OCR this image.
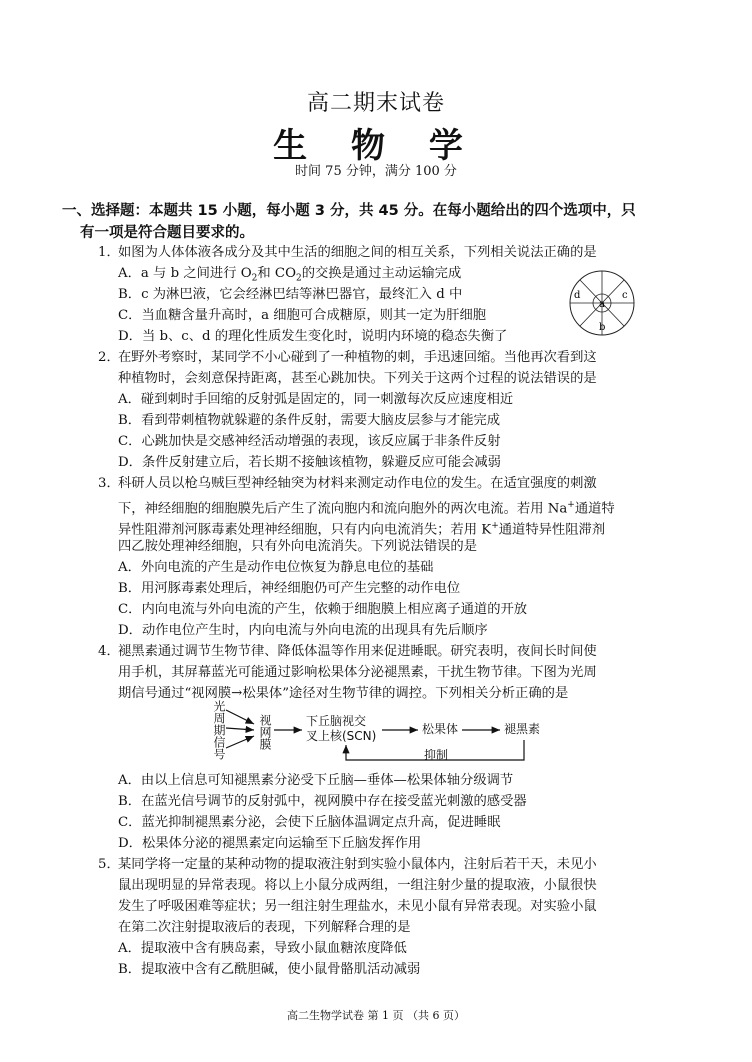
高二期末试卷
生 物 学
时间 75 分钟，满分 100 分
一、选择题：本题共 15 小题，每小题 3 分，共 45 分。在每小题给出的四个选项中，只
有一项是符合题目要求的。
1．
如图为人体体液各成分及其中生活的细胞之间的相互关系，下列相关说法正确的是
A．a 与 b 之间进行 $O_2$和 $CO_2$的交换是通过主动运输完成
B．c 为淋巴液，它会经淋巴结等淋巴器官，最终汇入 d 中
C．当血糖含量升高时，a 细胞可合成糖原，则其一定为肝细胞
D．当 b、c、d 的理化性质发生变化时，说明内环境的稳态失衡了
a
b
c
d
2．
在野外考察时，某同学不小心碰到了一种植物的刺，手迅速回缩。当他再次看到这
种植物时，会刻意保持距离，甚至心跳加快。下列关于这两个过程的说法错误的是
A．碰到刺时手回缩的反射弧是固定的，同一刺激每次反应速度相近
B．看到带刺植物就躲避的条件反射，需要大脑皮层参与才能完成
C．心跳加快是交感神经活动增强的表现，该反应属于非条件反射
D．条件反射建立后，若长期不接触该植物，躲避反应可能会减弱
3．
科研人员以枪乌贼巨型神经轴突为材料来测定动作电位的发生。在适宜强度的刺激
下，神经细胞的细胞膜先后产生了流向胞内和流向胞外的两次电流。若用 Na+通道特
异性阻滞剂河豚毒素处理神经细胞，只有内向电流消失；若用 K+通道特异性阻滞剂
四乙胺处理神经细胞，只有外向电流消失。下列说法错误的是
A．外向电流的产生是动作电位恢复为静息电位的基础
B．用河豚毒素处理后，神经细胞仍可产生完整的动作电位
C．内向电流与外向电流的产生，依赖于细胞膜上相应离子通道的开放
D．动作电位产生时，内向电流与外向电流的出现具有先后顺序
4．
褪黑素通过调节生物节律、降低体温等作用来促进睡眠。研究表明，夜间长时间使
用手机，其屏幕蓝光可能通过影响松果体分泌褪黑素，干扰生物节律。下图为光周
期信号通过“视网膜→松果体”途径对生物节律的调控。下列相关分析正确的是
光周期信号	视网膜	下丘脑视交
叉上核(SCN)	松果体	褪黑素
抑制
A．由以上信息可知褪黑素分泌受下丘脑—垂体—松果体轴分级调节
B．在蓝光信号调节的反射弧中，视网膜中存在接受蓝光刺激的感受器
C．蓝光抑制褪黑素分泌，会使下丘脑体温调定点升高，促进睡眠
D．松果体分泌的褪黑素定向运输至下丘脑发挥作用
5．
某同学将一定量的某种动物的提取液注射到实验小鼠体内，注射后若干天，未见小
鼠出现明显的异常表现。将以上小鼠分成两组，一组注射少量的提取液，小鼠很快
发生了呼吸困难等症状；另一组注射生理盐水，未见小鼠有异常表现。对实验小鼠
在第二次注射提取液后的表现，下列解释合理的是
A．提取液中含有胰岛素，导致小鼠血糖浓度降低
B．提取液中含有乙酰胆碱，使小鼠骨骼肌活动减弱
高二生物学试卷 第 1 页 （共 6 页）
